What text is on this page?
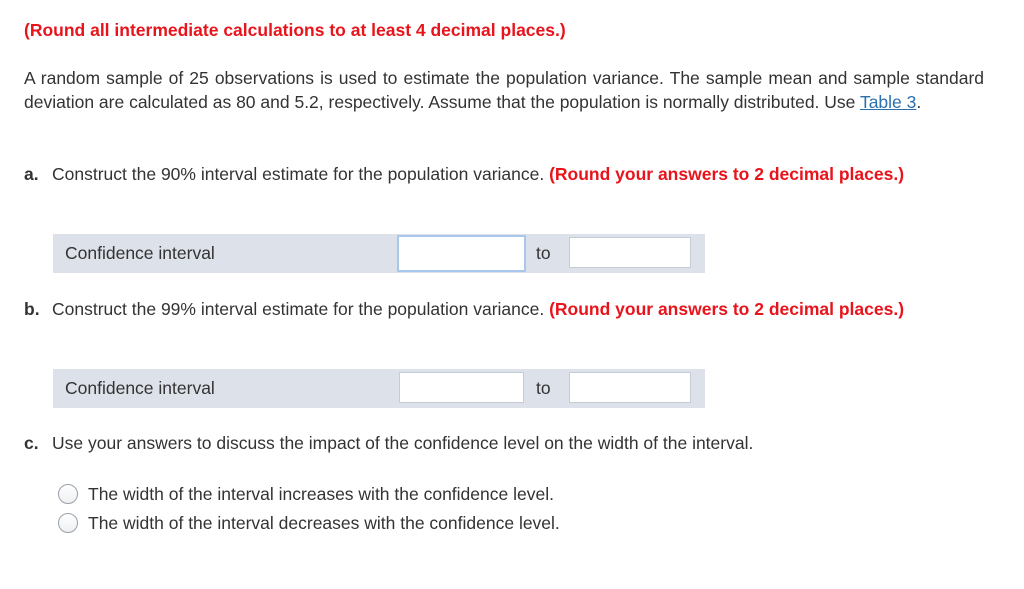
(Round all intermediate calculations to at least 4 decimal places.)
A random sample of 25 observations is used to estimate the population variance. The sample mean and sample standard deviation are calculated as 80 and 5.2, respectively. Assume that the population is normally distributed. Use Table 3.
a. Construct the 90% interval estimate for the population variance. (Round your answers to 2 decimal places.)
Confidence interval	to
b. Construct the 99% interval estimate for the population variance. (Round your answers to 2 decimal places.)
Confidence interval	to
c. Use your answers to discuss the impact of the confidence level on the width of the interval.
The width of the interval increases with the confidence level.
The width of the interval decreases with the confidence level.
